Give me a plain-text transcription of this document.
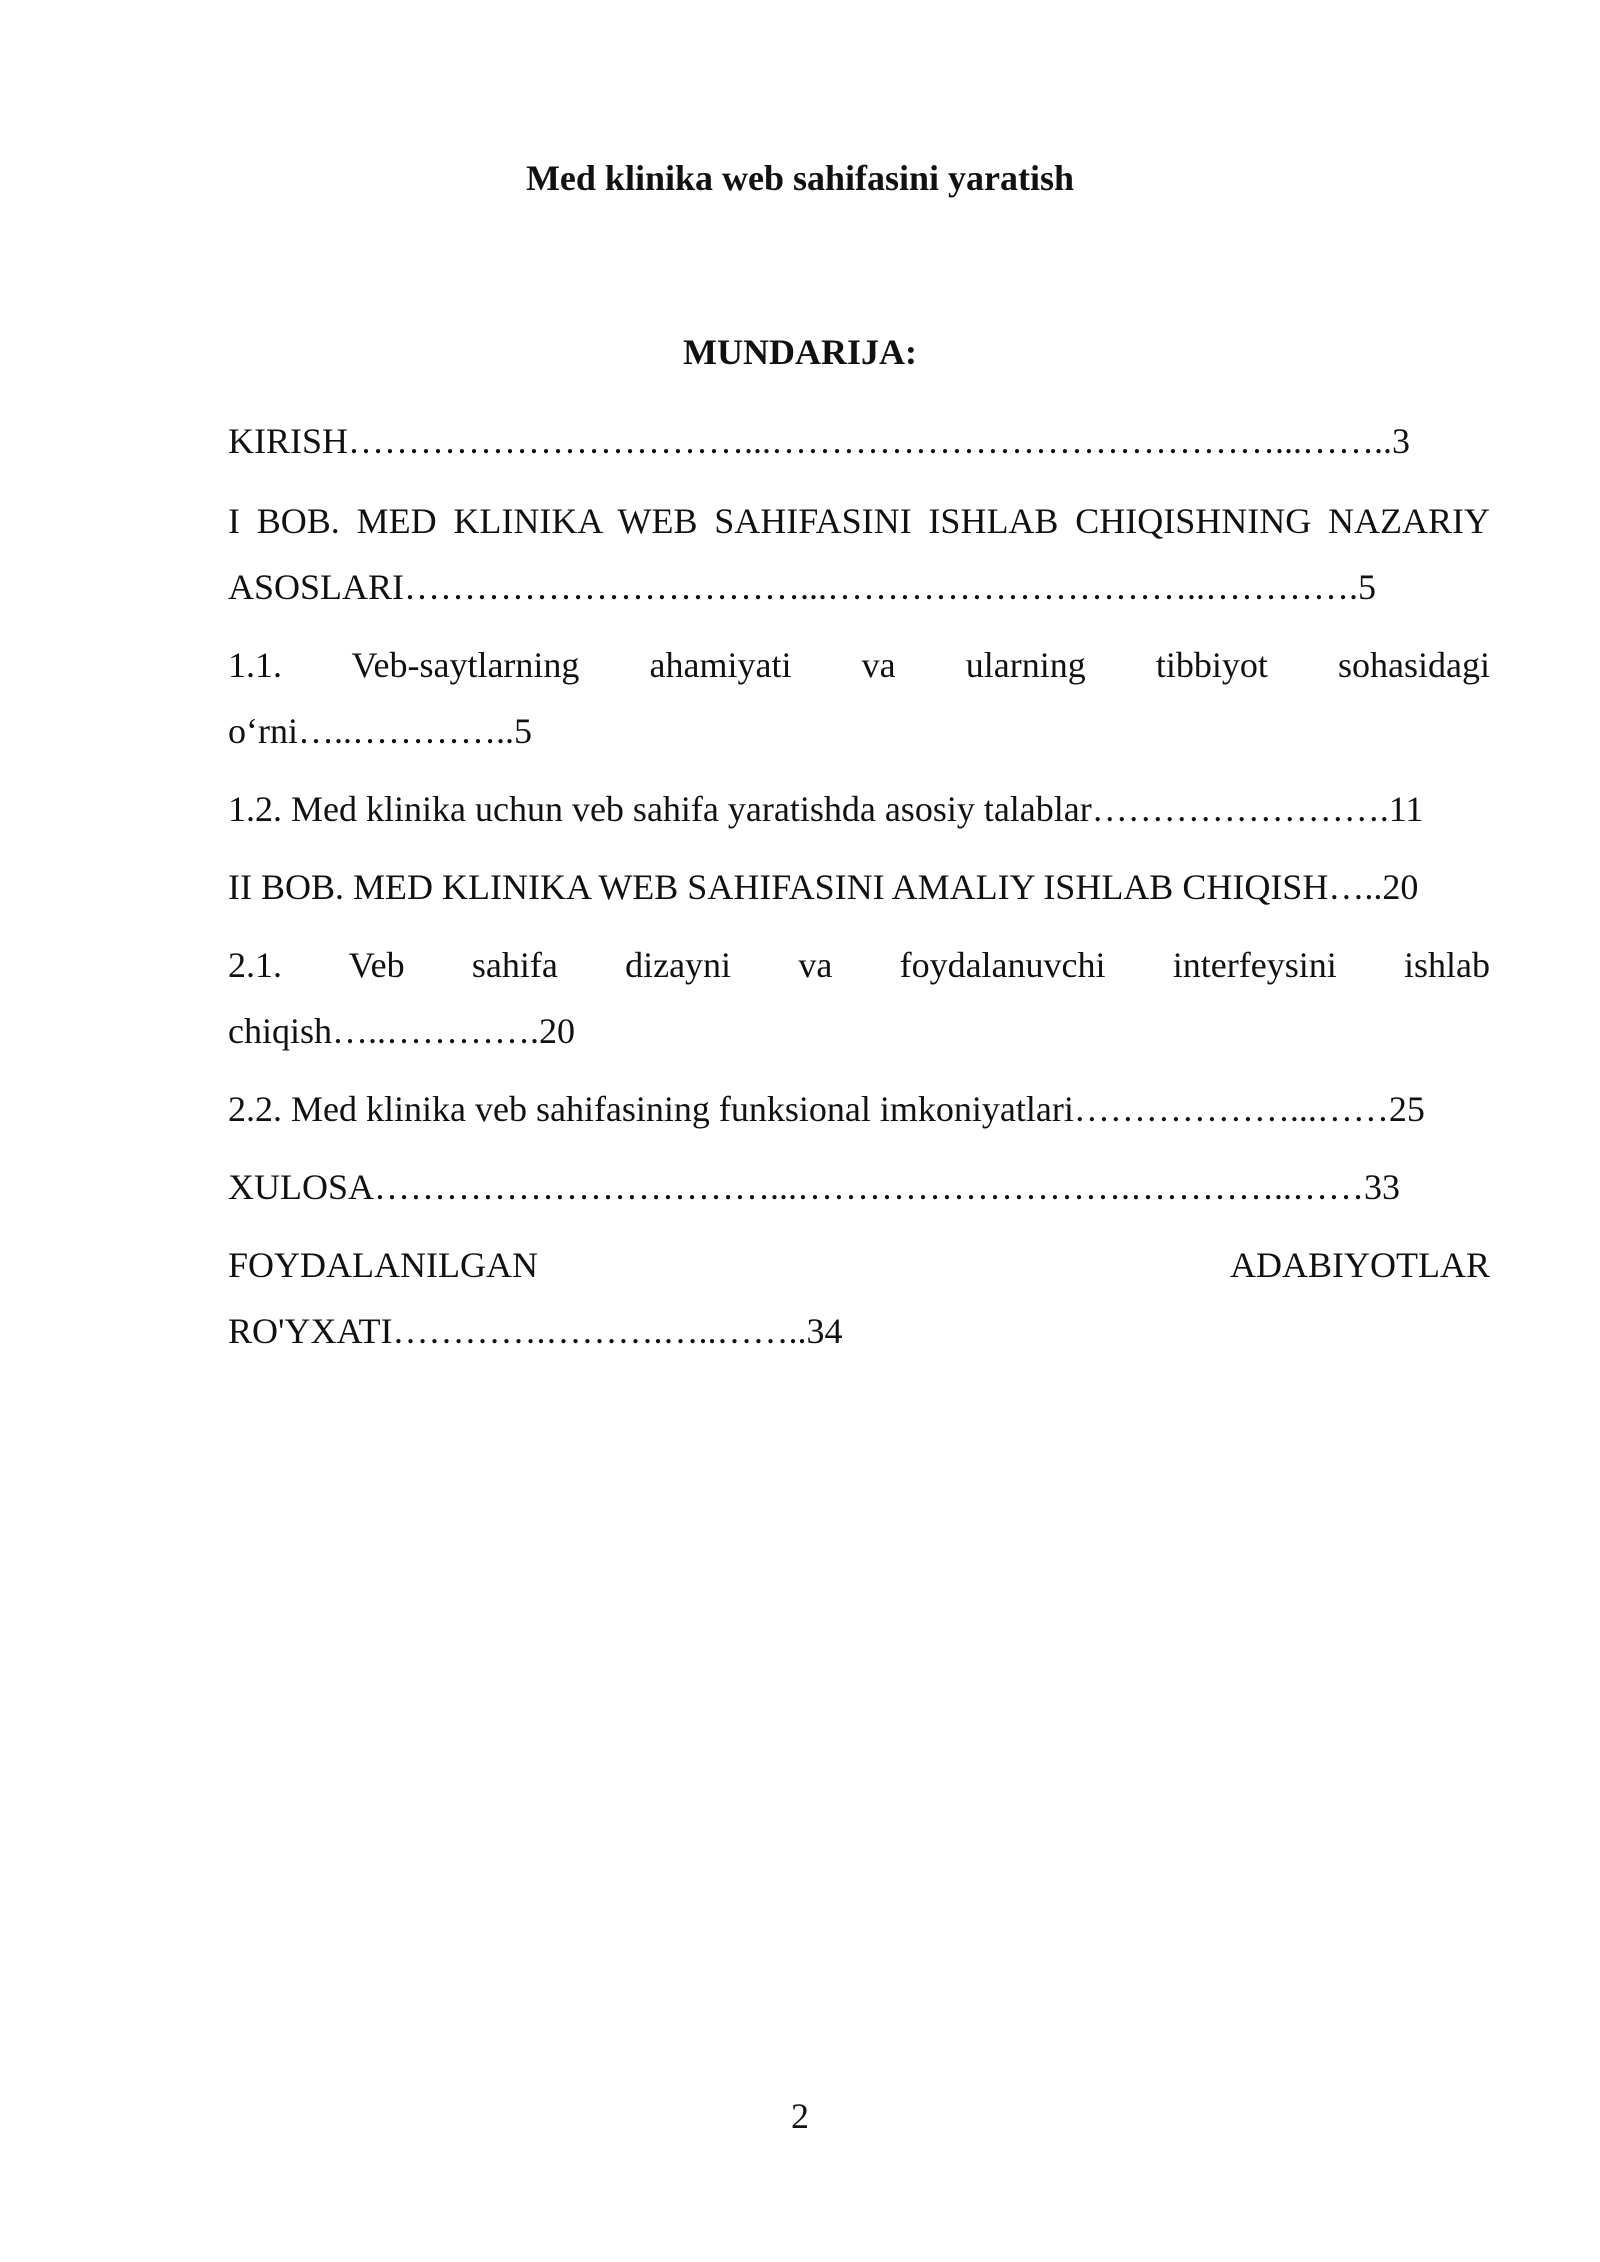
Med klinika web sahifasini yaratish
MUNDARIJA:
KIRISH……………………………...……………………………………...……..3
I BOB. MED KLINIKA WEB SAHIFASINI ISHLAB CHIQISHNING NAZARIY
ASOSLARI……………………………...…………………………..………….5
1.1. Veb-saytlarning ahamiyati va ularning tibbiyot sohasidagi
o‘rni…..…………..5
1.2. Med klinika uchun veb sahifa yaratishda asosiy talablar…………………….11
II BOB. MED KLINIKA WEB SAHIFASINI AMALIY ISHLAB CHIQISH…..20
2.1. Veb sahifa dizayni va foydalanuvchi interfeysini ishlab
chiqish…..………….20
2.2. Med klinika veb sahifasining funksional imkoniyatlari………………...……25
XULOSA……………………………...……………………….…………..……33
FOYDALANILGAN ADABIYOTLAR
RO'YXATI………….……….…..……..34
2
